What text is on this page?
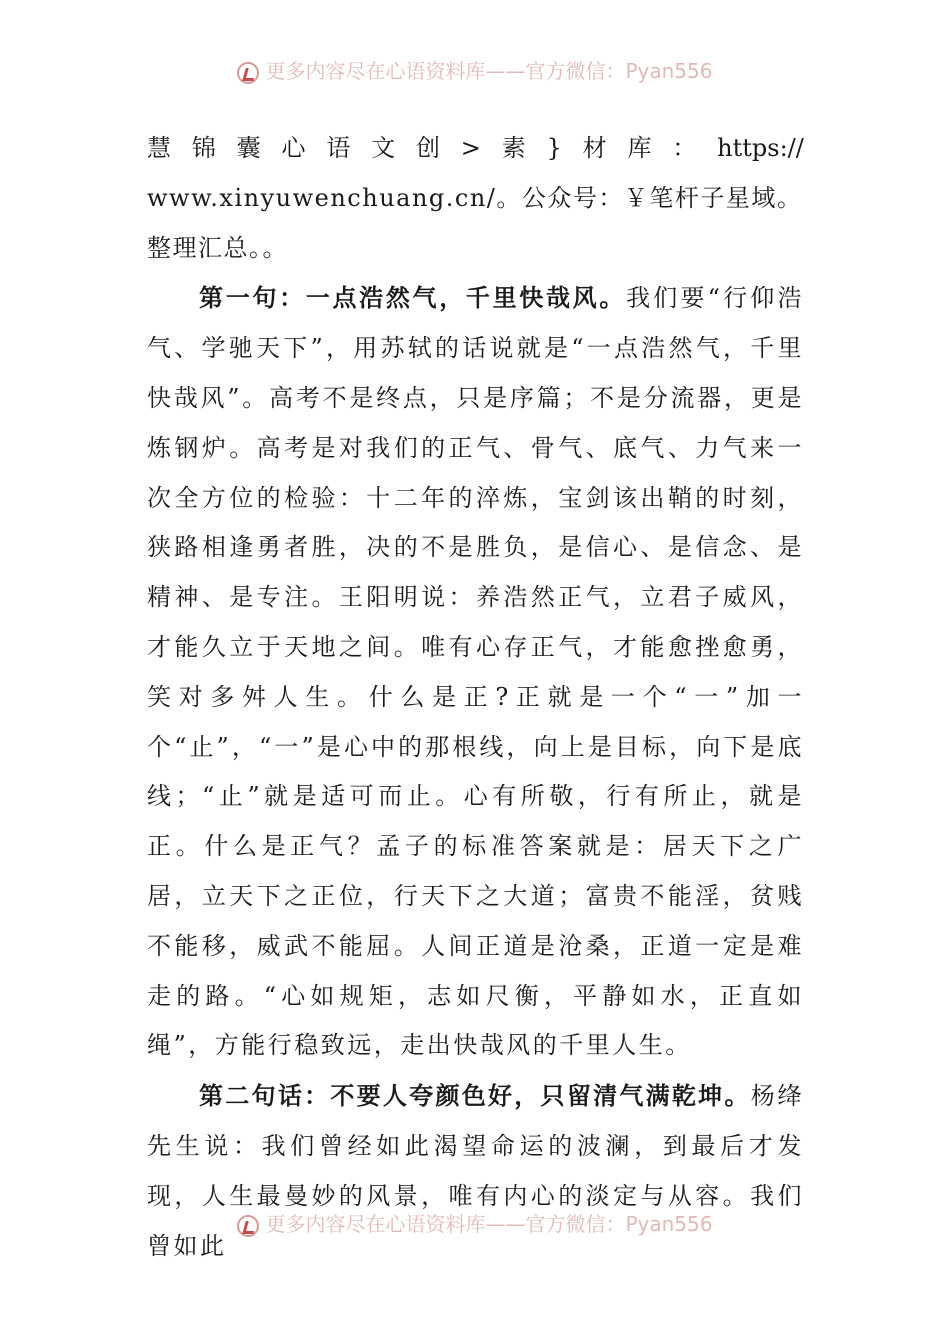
更多内容尽在心语资料库——官方微信：Pyan556
慧 锦 囊 心 语 文 创 > 素 } 材 库 ： https://

www.xinyuwenchuang.cn/。公众号：￥笔杆子星域。整理汇总。。

第一句：一点浩然气，千里快哉风。我们要“行仰浩气、学驰天下”，用苏轼的话说就是“一点浩然气，千里快哉风”。高考不是终点，只是序篇；不是分流器，更是炼钢炉。高考是对我们的正气、骨气、底气、力气来一次全方位的检验：十二年的淬炼，宝剑该出鞘的时刻，狭路相逢勇者胜，决的不是胜负，是信心、是信念、是精神、是专注。王阳明说：养浩然正气，立君子威风，才能久立于天地之间。唯有心存正气，才能愈挫愈勇，笑对多舛人生。什么是正?正就是一个“一”加一个“止”，“一”是心中的那根线，向上是目标，向下是底线；“止”就是适可而止。心有所敬，行有所止，就是正。什么是正气？孟子的标准答案就是：居天下之广居，立天下之正位，行天下之大道；富贵不能淫，贫贱不能移，威武不能屈。人间正道是沧桑，正道一定是难走的路。“心如规矩，志如尺衡，平静如水，正直如绳”，方能行稳致远，走出快哉风的千里人生。

第二句话：不要人夸颜色好，只留清气满乾坤。杨绛先生说：我们曾经如此渴望命运的波澜，到最后才发现，人生最曼妙的风景，唯有内心的淡定与从容。我们曾如此

更多内容尽在心语资料库——官方微信：Pyan556
